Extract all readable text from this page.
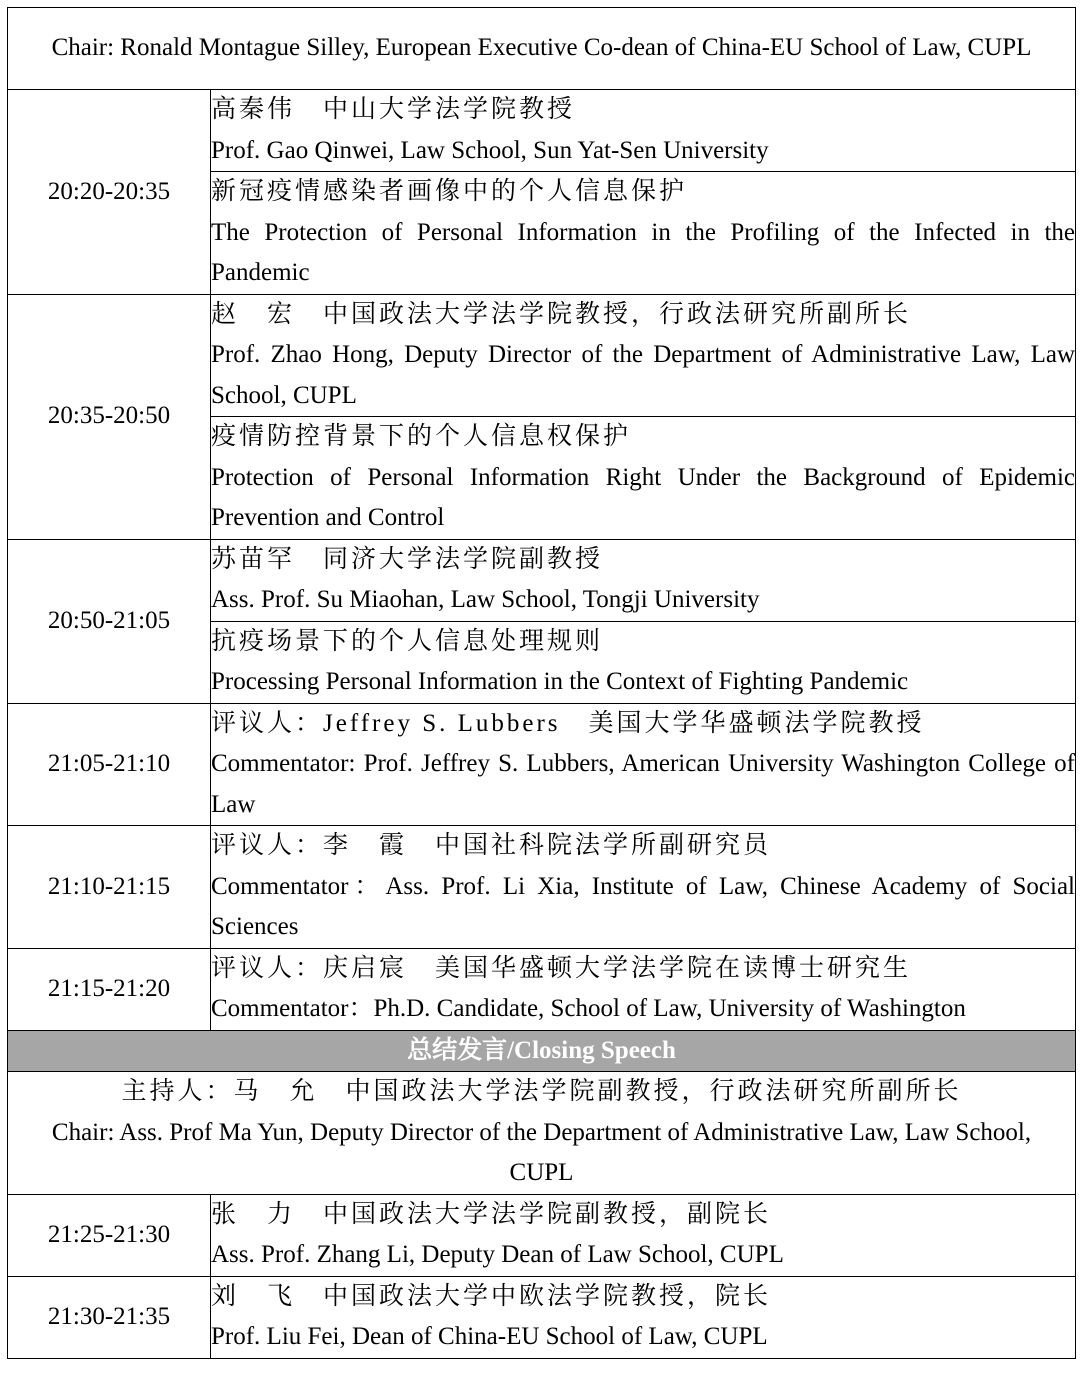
Chair: Ronald Montague Silley, European Executive Co-dean of China-EU School of Law, CUPL	

20:20-20:35	高秦伟　中山大学法学院教授
Prof. Gao Qinwei, Law School, Sun Yat-Sen University

	新冠疫情感染者画像中的个人信息保护
The Protection of Personal Information in the Profiling of the Infected in the Pandemic

20:35-20:50	赵　宏　中国政法大学法学院教授，行政法研究所副所长
Prof. Zhao Hong, Deputy Director of the Department of Administrative Law, Law School, CUPL

	疫情防控背景下的个人信息权保护
Protection of Personal Information Right Under the Background of Epidemic Prevention and Control

20:50-21:05	苏苗罕　同济大学法学院副教授
Ass. Prof. Su Miaohan, Law School, Tongji University

	抗疫场景下的个人信息处理规则
Processing Personal Information in the Context of Fighting Pandemic

21:05-21:10	评议人：Jeffrey S. Lubbers　美国大学华盛顿法学院教授
Commentator: Prof. Jeffrey S. Lubbers, American University Washington College of Law

21:10-21:15	评议人：李　霞　中国社科院法学所副研究员
Commentator：Ass. Prof. Li Xia, Institute of Law, Chinese Academy of Social Sciences

21:15-21:20	评议人：庆启宸　美国华盛顿大学法学院在读博士研究生
Commentator：Ph.D. Candidate, School of Law, University of Washington

总结发言/Closing Speech	

主持人：马　允　中国政法大学法学院副教授，行政法研究所副所长
Chair: Ass. Prof Ma Yun, Deputy Director of the Department of Administrative Law, Law School, CUPL	

21:25-21:30	张　力　中国政法大学法学院副教授，副院长
Ass. Prof. Zhang Li, Deputy Dean of Law School, CUPL

21:30-21:35	刘　飞　中国政法大学中欧法学院教授，院长
Prof. Liu Fei, Dean of China-EU School of Law, CUPL
